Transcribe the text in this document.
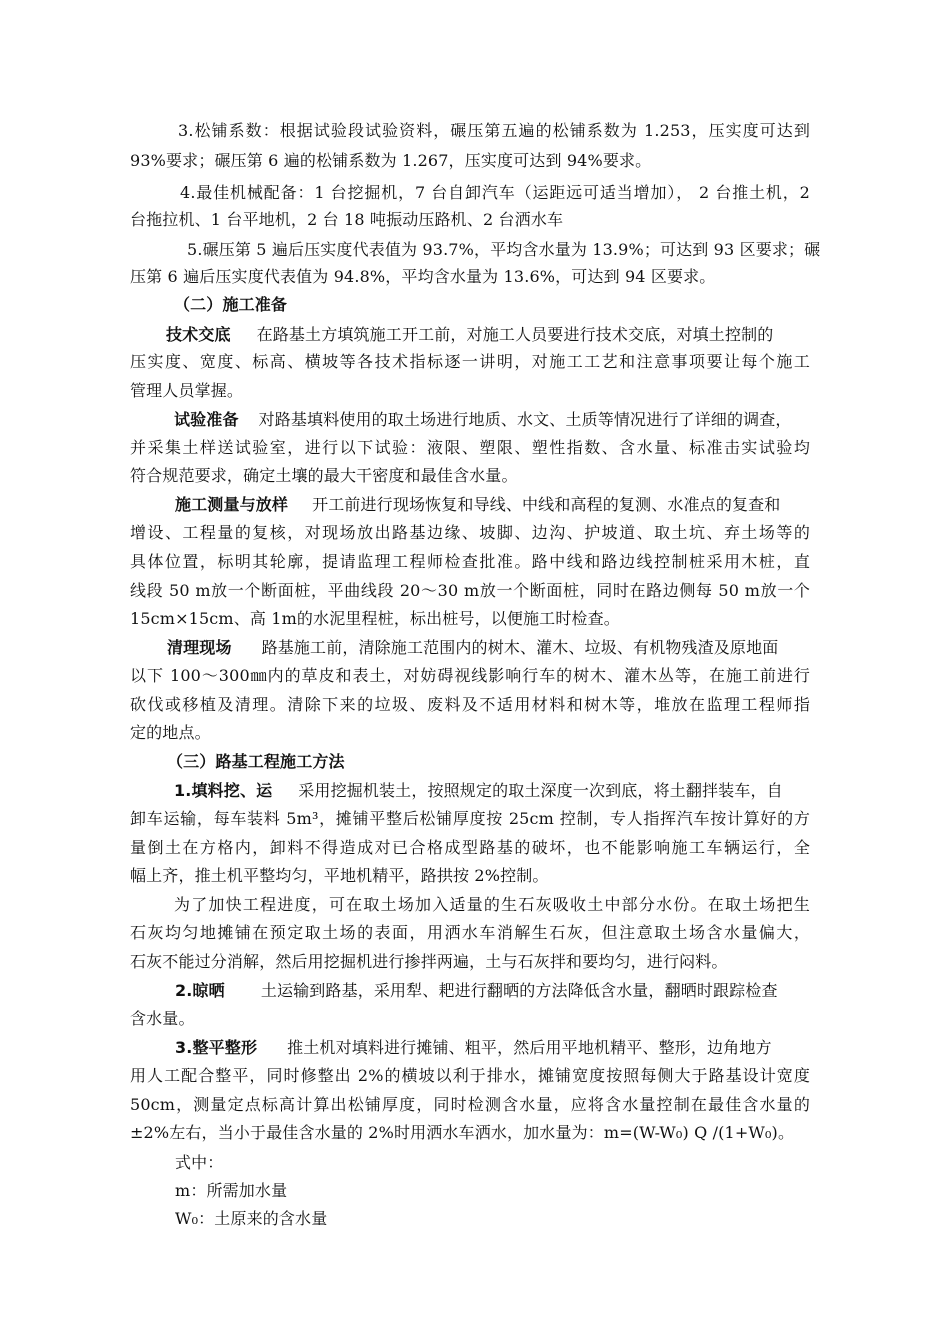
3.松铺系数：根据试验段试验资料，碾压第五遍的松铺系数为 1.253，压实度可达到
93%要求；碾压第 6 遍的松铺系数为 1.267，压实度可达到 94%要求。
4.最佳机械配备：1 台挖掘机，7 台自卸汽车（运距远可适当增加）， 2 台推土机，2
台拖拉机、1 台平地机，2 台 18 吨振动压路机、2 台洒水车
5.碾压第 5 遍后压实度代表值为 93.7%，平均含水量为 13.9%；可达到 93 区要求；碾
压第 6 遍后压实度代表值为 94.8%，平均含水量为 13.6%，可达到 94 区要求。
（二）施工准备
技术交底 在路基土方填筑施工开工前，对施工人员要进行技术交底，对填土控制的
压实度、宽度、标高、横坡等各技术指标逐一讲明，对施工工艺和注意事项要让每个施工
管理人员掌握。
试验准备 对路基填料使用的取土场进行地质、水文、土质等情况进行了详细的调查，
并采集土样送试验室，进行以下试验：液限、塑限、塑性指数、含水量、标准击实试验均
符合规范要求，确定土壤的最大干密度和最佳含水量。
施工测量与放样 开工前进行现场恢复和导线、中线和高程的复测、水准点的复查和
增设、工程量的复核，对现场放出路基边缘、坡脚、边沟、护坡道、取土坑、弃土场等的
具体位置，标明其轮廓，提请监理工程师检查批准。路中线和路边线控制桩采用木桩，直
线段 50 m放一个断面桩，平曲线段 20～30 m放一个断面桩，同时在路边侧每 50 m放一个
15cm×15cm、高 1m的水泥里程桩，标出桩号，以便施工时检查。
清理现场 路基施工前，清除施工范围内的树木、灌木、垃圾、有机物残渣及原地面
以下 100～300㎜内的草皮和表土，对妨碍视线影响行车的树木、灌木丛等，在施工前进行
砍伐或移植及清理。清除下来的垃圾、废料及不适用材料和树木等，堆放在监理工程师指
定的地点。
（三）路基工程施工方法
1.填料挖、运 采用挖掘机装土，按照规定的取土深度一次到底，将土翻拌装车，自
卸车运输，每车装料 5m³，摊铺平整后松铺厚度按 25cm 控制，专人指挥汽车按计算好的方
量倒土在方格内，卸料不得造成对已合格成型路基的破坏，也不能影响施工车辆运行，全
幅上齐，推土机平整均匀，平地机精平，路拱按 2%控制。
为了加快工程进度，可在取土场加入适量的生石灰吸收土中部分水份。在取土场把生
石灰均匀地摊铺在预定取土场的表面，用洒水车消解生石灰，但注意取土场含水量偏大，
石灰不能过分消解，然后用挖掘机进行掺拌两遍，土与石灰拌和要均匀，进行闷料。
2.晾晒 土运输到路基，采用犁、耙进行翻晒的方法降低含水量，翻晒时跟踪检查
含水量。
3.整平整形 推土机对填料进行摊铺、粗平，然后用平地机精平、整形，边角地方
用人工配合整平，同时修整出 2%的横坡以利于排水，摊铺宽度按照每侧大于路基设计宽度
50cm，测量定点标高计算出松铺厚度，同时检测含水量，应将含水量控制在最佳含水量的
±2%左右，当小于最佳含水量的 2%时用洒水车洒水，加水量为：m=(W-W₀) Q /(1+W₀)。
式中：
m：所需加水量
W₀：土原来的含水量
